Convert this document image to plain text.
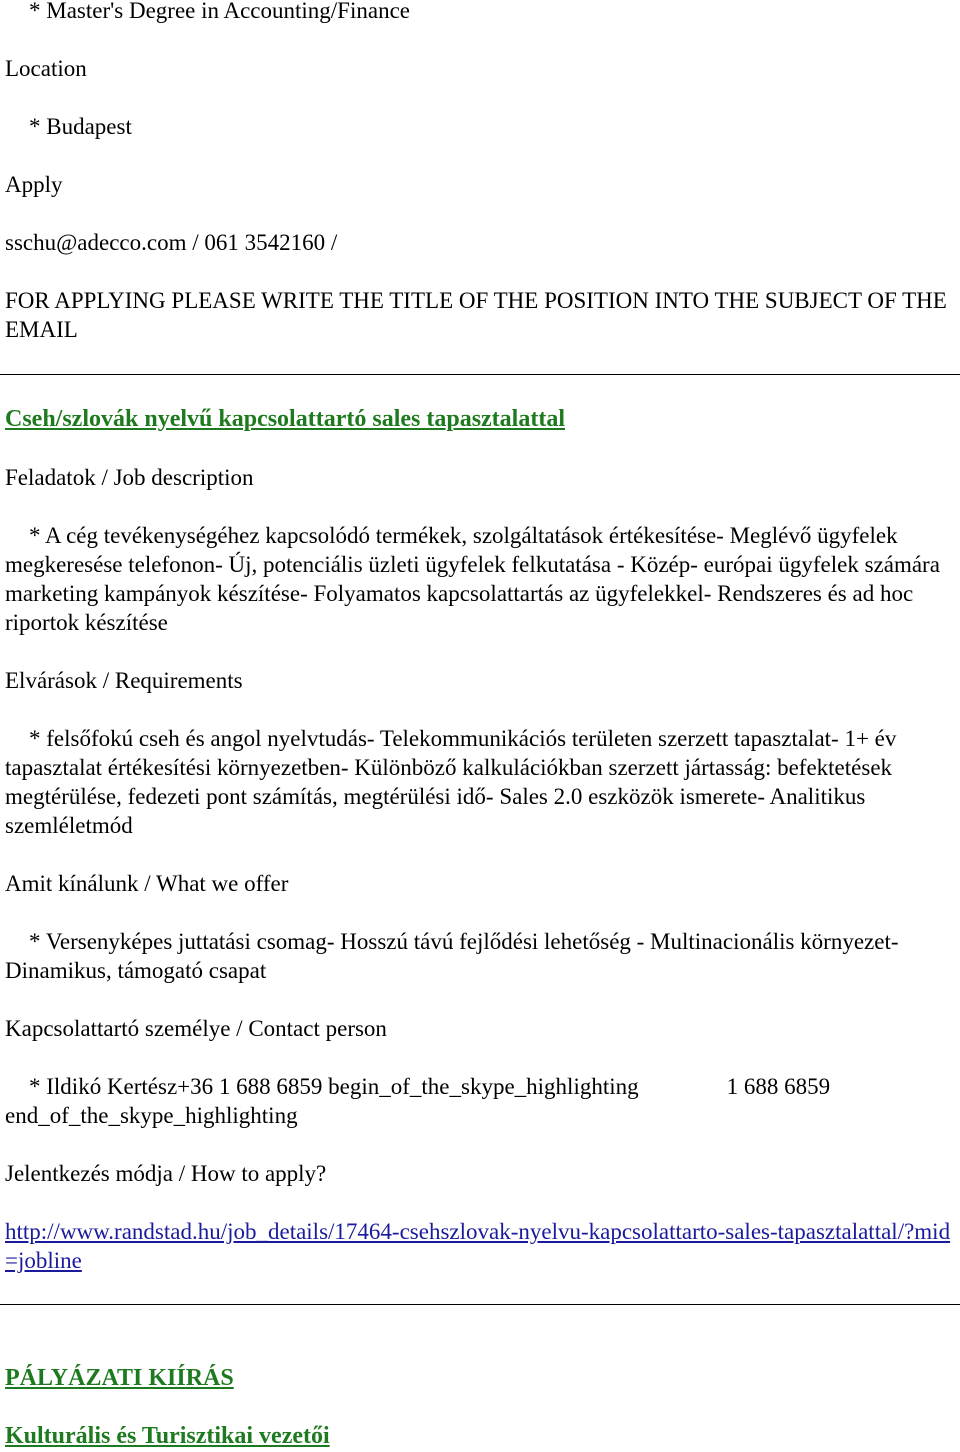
* Master's Degree in Accounting/Finance

Location

* Budapest

Apply

sschu@adecco.com / 061 3542160 /

FOR APPLYING PLEASE WRITE THE TITLE OF THE POSITION INTO THE SUBJECT OF THE EMAIL

Cseh/szlovák nyelvű kapcsolattartó sales tapasztalattal

Feladatok / Job description

* A cég tevékenységéhez kapcsolódó termékek, szolgáltatások értékesítése- Meglévő ügyfelek megkeresése telefonon- Új, potenciális üzleti ügyfelek felkutatása - Közép- európai ügyfelek számára marketing kampányok készítése- Folyamatos kapcsolattartás az ügyfelekkel- Rendszeres és ad hoc riportok készítése

Elvárások / Requirements

* felsőfokú cseh és angol nyelvtudás- Telekommunikációs területen szerzett tapasztalat- 1+ év tapasztalat értékesítési környezetben- Különböző kalkulációkban szerzett jártasság: befektetések megtérülése, fedezeti pont számítás, megtérülési idő- Sales 2.0 eszközök ismerete- Analitikus szemléletmód

Amit kínálunk / What we offer

* Versenyképes juttatási csomag- Hosszú távú fejlődési lehetőség - Multinacionális környezet- Dinamikus, támogató csapat

Kapcsolattartó személye / Contact person

* Ildikó Kertész+36 1 688 6859 begin_of_the_skype_highlighting	1 688 6859
end_of_the_skype_highlighting

Jelentkezés módja / How to apply?

http://www.randstad.hu/job_details/17464-csehszlovak-nyelvu-kapcsolattarto-sales-tapasztalattal/?mid=jobline

PÁLYÁZATI KIÍRÁS
Kulturális és Turisztikai vezetői
